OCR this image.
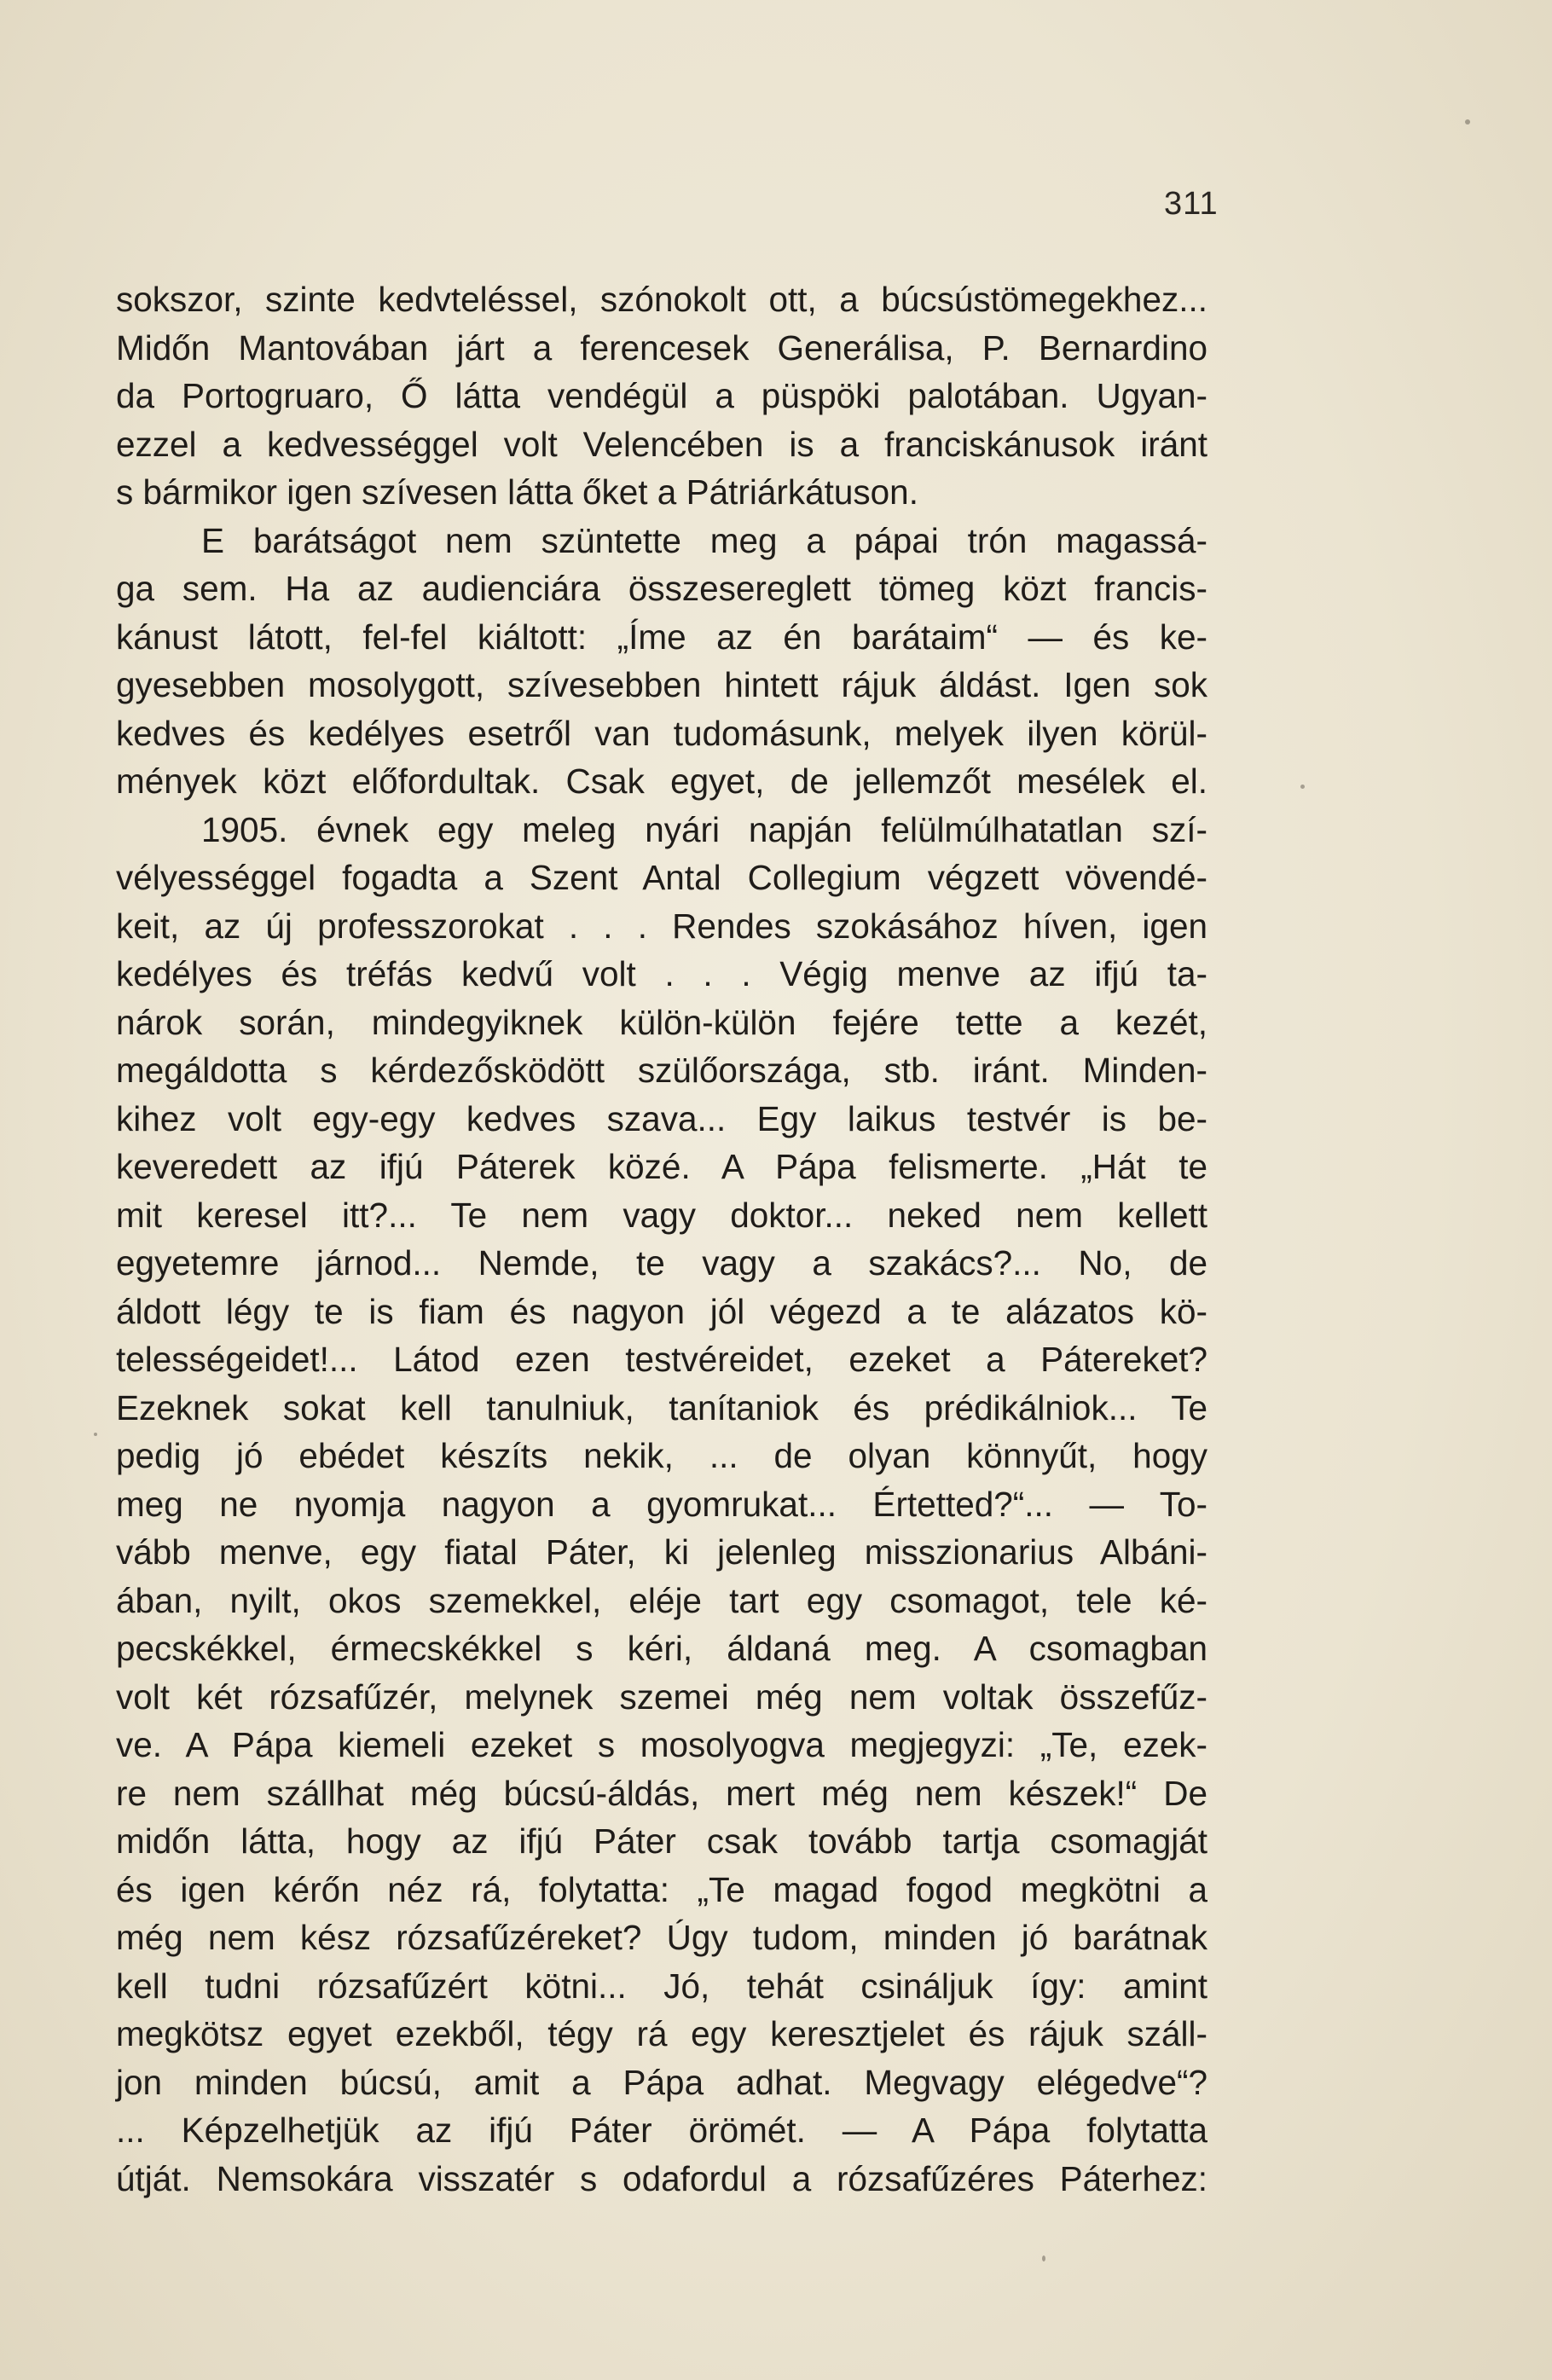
311
sokszor, szinte kedvteléssel, szónokolt ott, a búcsústömegekhez...
Midőn Mantovában járt a ferencesek Generálisa, P. Bernardino
da Portogruaro, Ő látta vendégül a püspöki palotában. Ugyan-
ezzel a kedvességgel volt Velencében is a franciskánusok iránt
s bármikor igen szívesen látta őket a Pátriárkátuson.
E barátságot nem szüntette meg a pápai trón magassá-
ga sem. Ha az audienciára összesereglett tömeg közt francis-
kánust látott, fel-fel kiáltott: „Íme az én barátaim“ — és ke-
gyesebben mosolygott, szívesebben hintett rájuk áldást. Igen sok
kedves és kedélyes esetről van tudomásunk, melyek ilyen körül-
mények közt előfordultak. Csak egyet, de jellemzőt mesélek el.
1905. évnek egy meleg nyári napján felülmúlhatatlan szí-
vélyességgel fogadta a Szent Antal Collegium végzett vövendé-
keit, az új professzorokat . . . Rendes szokásához híven, igen
kedélyes és tréfás kedvű volt . . . Végig menve az ifjú ta-
nárok során, mindegyiknek külön-külön fejére tette a kezét,
megáldotta s kérdezősködött szülőországa, stb. iránt. Minden-
kihez volt egy-egy kedves szava... Egy laikus testvér is be-
keveredett az ifjú Páterek közé. A Pápa felismerte. „Hát te
mit keresel itt?... Te nem vagy doktor... neked nem kellett
egyetemre járnod... Nemde, te vagy a szakács?... No, de
áldott légy te is fiam és nagyon jól végezd a te alázatos kö-
telességeidet!... Látod ezen testvéreidet, ezeket a Pátereket?
Ezeknek sokat kell tanulniuk, tanítaniok és prédikálniok... Te
pedig jó ebédet készíts nekik, ... de olyan könnyűt, hogy
meg ne nyomja nagyon a gyomrukat... Értetted?“... — To-
vább menve, egy fiatal Páter, ki jelenleg misszionarius Albáni-
ában, nyilt, okos szemekkel, eléje tart egy csomagot, tele ké-
pecskékkel, érmecskékkel s kéri, áldaná meg. A csomagban
volt két rózsafűzér, melynek szemei még nem voltak összefűz-
ve. A Pápa kiemeli ezeket s mosolyogva megjegyzi: „Te, ezek-
re nem szállhat még búcsú-áldás, mert még nem készek!“ De
midőn látta, hogy az ifjú Páter csak tovább tartja csomagját
és igen kérőn néz rá, folytatta: „Te magad fogod megkötni a
még nem kész rózsafűzéreket? Úgy tudom, minden jó barátnak
kell tudni rózsafűzért kötni... Jó, tehát csináljuk így: amint
megkötsz egyet ezekből, tégy rá egy keresztjelet és rájuk száll-
jon minden búcsú, amit a Pápa adhat. Megvagy elégedve“?
... Képzelhetjük az ifjú Páter örömét. — A Pápa folytatta
útját. Nemsokára visszatér s odafordul a rózsafűzéres Páterhez:
